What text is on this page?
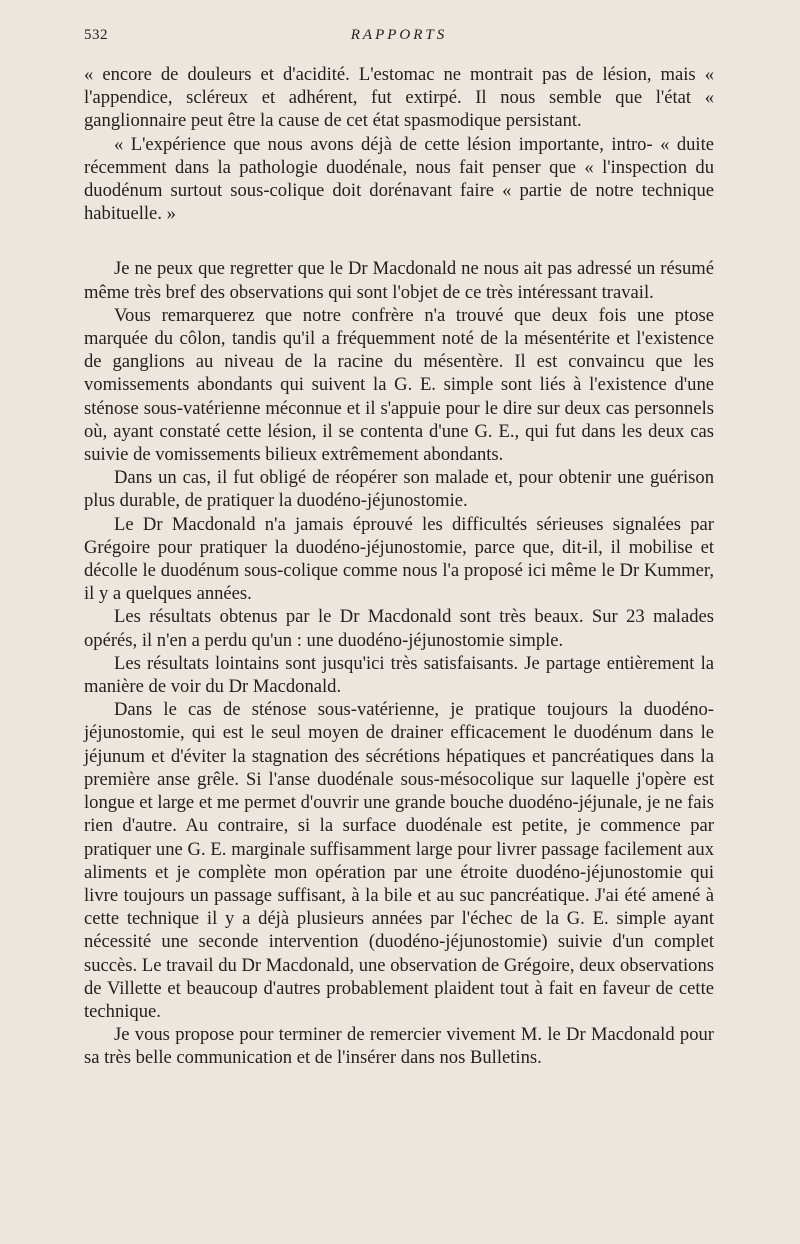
532	RAPPORTS

« encore de douleurs et d'acidité. L'estomac ne montrait pas de lésion, mais « l'appendice, scléreux et adhérent, fut extirpé. Il nous semble que l'état « ganglionnaire peut être la cause de cet état spasmodique persistant.

« L'expérience que nous avons déjà de cette lésion importante, intro- « duite récemment dans la pathologie duodénale, nous fait penser que « l'inspection du duodénum surtout sous-colique doit dorénavant faire « partie de notre technique habituelle. »

Je ne peux que regretter que le Dr Macdonald ne nous ait pas adressé un résumé même très bref des observations qui sont l'objet de ce très intéressant travail.

Vous remarquerez que notre confrère n'a trouvé que deux fois une ptose marquée du côlon, tandis qu'il a fréquemment noté de la mésentérite et l'existence de ganglions au niveau de la racine du mésentère. Il est convaincu que les vomissements abondants qui suivent la G. E. simple sont liés à l'existence d'une sténose sous-vatérienne méconnue et il s'appuie pour le dire sur deux cas personnels où, ayant constaté cette lésion, il se contenta d'une G. E., qui fut dans les deux cas suivie de vomissements bilieux extrêmement abondants.

Dans un cas, il fut obligé de réopérer son malade et, pour obtenir une guérison plus durable, de pratiquer la duodéno-jéjunostomie.

Le Dr Macdonald n'a jamais éprouvé les difficultés sérieuses signalées par Grégoire pour pratiquer la duodéno-jéjunostomie, parce que, dit-il, il mobilise et décolle le duodénum sous-colique comme nous l'a proposé ici même le Dr Kummer, il y a quelques années.

Les résultats obtenus par le Dr Macdonald sont très beaux. Sur 23 malades opérés, il n'en a perdu qu'un : une duodéno-jéjunostomie simple.

Les résultats lointains sont jusqu'ici très satisfaisants. Je partage entièrement la manière de voir du Dr Macdonald.

Dans le cas de sténose sous-vatérienne, je pratique toujours la duodéno-jéjunostomie, qui est le seul moyen de drainer efficacement le duodénum dans le jéjunum et d'éviter la stagnation des sécrétions hépatiques et pancréatiques dans la première anse grêle. Si l'anse duodénale sous-mésocolique sur laquelle j'opère est longue et large et me permet d'ouvrir une grande bouche duodéno-jéjunale, je ne fais rien d'autre. Au contraire, si la surface duodénale est petite, je commence par pratiquer une G. E. marginale suffisamment large pour livrer passage facilement aux aliments et je complète mon opération par une étroite duodéno-jéjunostomie qui livre toujours un passage suffisant, à la bile et au suc pancréatique. J'ai été amené à cette technique il y a déjà plusieurs années par l'échec de la G. E. simple ayant nécessité une seconde intervention (duodéno-jéjunostomie) suivie d'un complet succès. Le travail du Dr Macdonald, une observation de Grégoire, deux observations de Villette et beaucoup d'autres probablement plaident tout à fait en faveur de cette technique.

Je vous propose pour terminer de remercier vivement M. le Dr Macdonald pour sa très belle communication et de l'insérer dans nos Bulletins.
